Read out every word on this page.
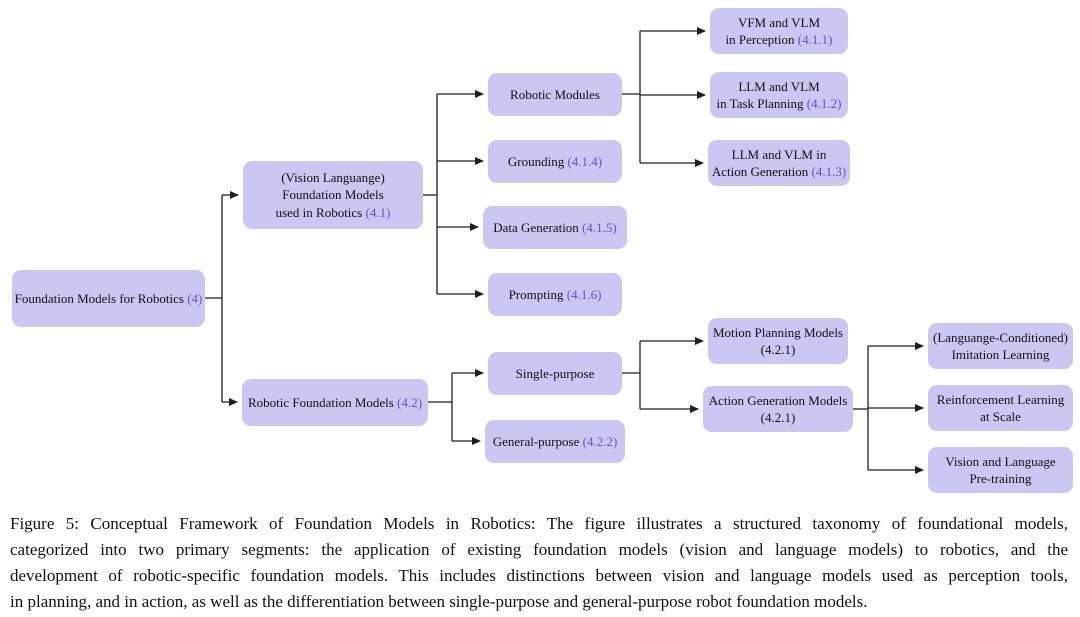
Foundation Models for Robotics (4)
(Vision Languange)
Foundation Models
used in Robotics (4.1)
Robotic Foundation Models (4.2)
Robotic Modules
Grounding (4.1.4)
Data Generation (4.1.5)
Prompting (4.1.6)
VFM and VLM
in Perception (4.1.1)
LLM and VLM
in Task Planning (4.1.2)
LLM and VLM in
Action Generation (4.1.3)
Single-purpose
General-purpose (4.2.2)
Motion Planning Models
(4.2.1)
Action Generation Models
(4.2.1)
(Languange-Conditioned)
Imitation Learning
Reinforcement Learning
at Scale
Vision and Language
Pre-training
Figure 5: Conceptual Framework of Foundation Models in Robotics: The figure illustrates a structured taxonomy of foundational models,
categorized into two primary segments: the application of existing foundation models (vision and language models) to robotics, and the
development of robotic-specific foundation models. This includes distinctions between vision and language models used as perception tools,
in planning, and in action, as well as the differentiation between single-purpose and general-purpose robot foundation models.
